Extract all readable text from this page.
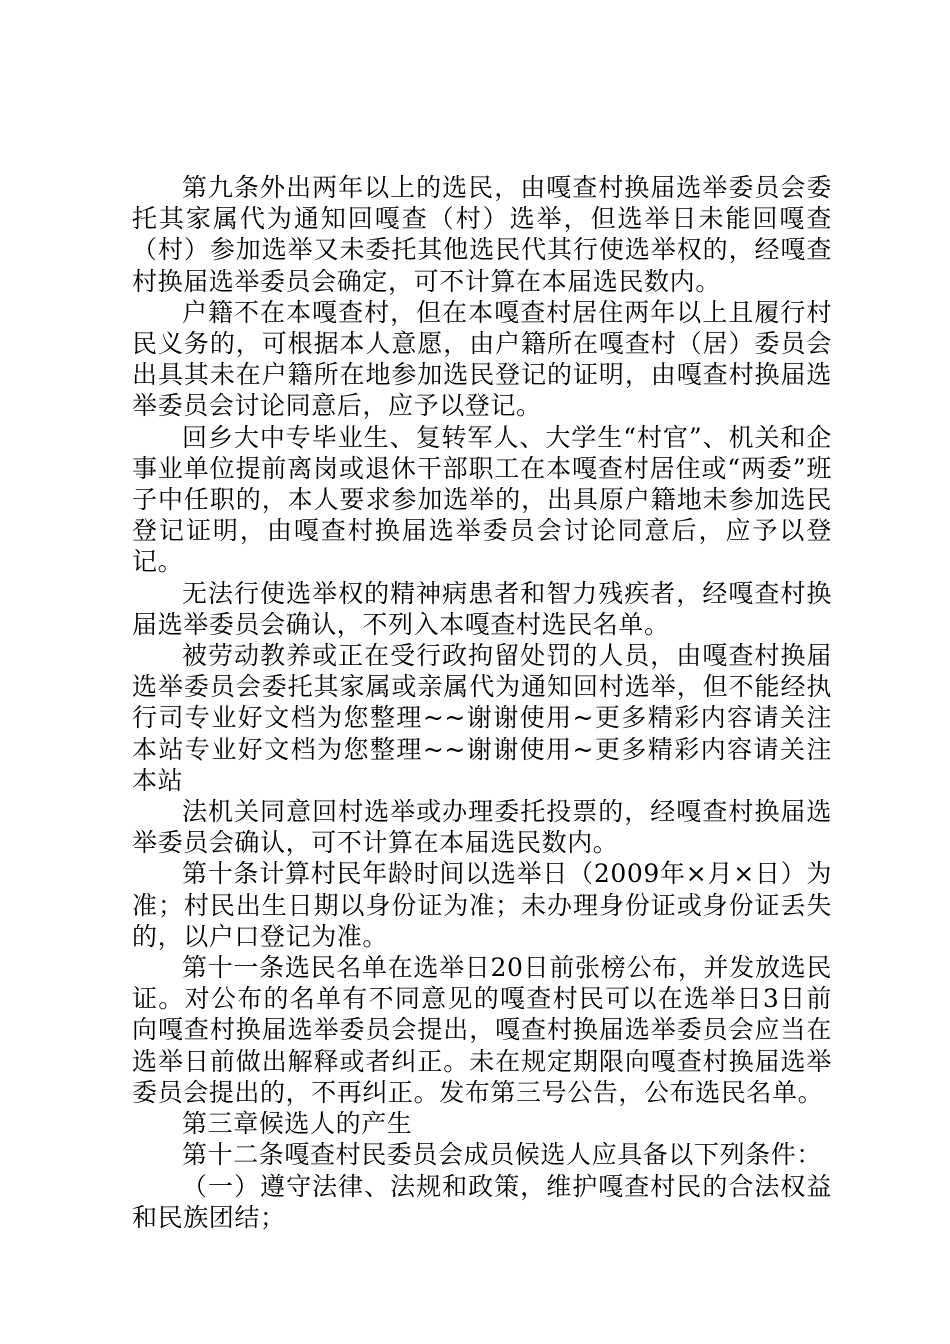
第九条外出两年以上的选民，由嘎查村换届选举委员会委托其家属代为通知回嘎查（村）选举，但选举日未能回嘎查（村）参加选举又未委托其他选民代其行使选举权的，经嘎查村换届选举委员会确定，可不计算在本届选民数内。

户籍不在本嘎查村，但在本嘎查村居住两年以上且履行村民义务的，可根据本人意愿，由户籍所在嘎查村（居）委员会出具其未在户籍所在地参加选民登记的证明，由嘎查村换届选举委员会讨论同意后，应予以登记。

回乡大中专毕业生、复转军人、大学生“村官”、机关和企事业单位提前离岗或退休干部职工在本嘎查村居住或“两委”班子中任职的，本人要求参加选举的，出具原户籍地未参加选民登记证明，由嘎查村换届选举委员会讨论同意后，应予以登记。

无法行使选举权的精神病患者和智力残疾者，经嘎查村换届选举委员会确认，不列入本嘎查村选民名单。

被劳动教养或正在受行政拘留处罚的人员，由嘎查村换届选举委员会委托其家属或亲属代为通知回村选举，但不能经执行司专业好文档为您整理~~谢谢使用~更多精彩内容请关注本站专业好文档为您整理~~谢谢使用~更多精彩内容请关注本站

法机关同意回村选举或办理委托投票的，经嘎查村换届选举委员会确认，可不计算在本届选民数内。

第十条计算村民年龄时间以选举日（2009年×月×日）为准；村民出生日期以身份证为准；未办理身份证或身份证丢失的，以户口登记为准。

第十一条选民名单在选举日20日前张榜公布，并发放选民证。对公布的名单有不同意见的嘎查村民可以在选举日3日前向嘎查村换届选举委员会提出，嘎查村换届选举委员会应当在选举日前做出解释或者纠正。未在规定期限向嘎查村换届选举委员会提出的，不再纠正。发布第三号公告，公布选民名单。

第三章候选人的产生

第十二条嘎查村民委员会成员候选人应具备以下列条件：

（一）遵守法律、法规和政策，维护嘎查村民的合法权益和民族团结；
